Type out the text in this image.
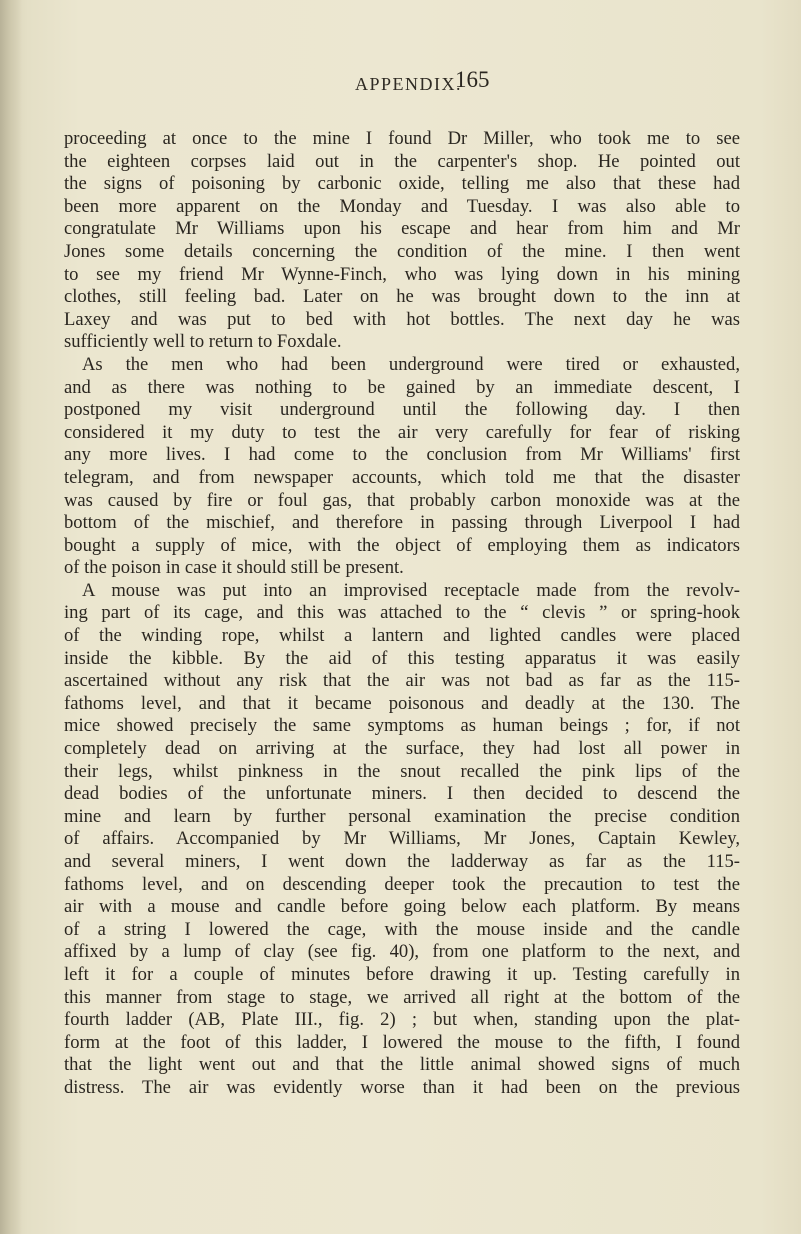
APPENDIX.
165
proceeding at once to the mine I found Dr Miller, who took me to see
the eighteen corpses laid out in the carpenter's shop. He pointed out
the signs of poisoning by carbonic oxide, telling me also that these had
been more apparent on the Monday and Tuesday. I was also able to
congratulate Mr Williams upon his escape and hear from him and Mr
Jones some details concerning the condition of the mine. I then went
to see my friend Mr Wynne-Finch, who was lying down in his mining
clothes, still feeling bad. Later on he was brought down to the inn at
Laxey and was put to bed with hot bottles. The next day he was
sufficiently well to return to Foxdale.
As the men who had been underground were tired or exhausted,
and as there was nothing to be gained by an immediate descent, I
postponed my visit underground until the following day. I then
considered it my duty to test the air very carefully for fear of risking
any more lives. I had come to the conclusion from Mr Williams' first
telegram, and from newspaper accounts, which told me that the disaster
was caused by fire or foul gas, that probably carbon monoxide was at the
bottom of the mischief, and therefore in passing through Liverpool I had
bought a supply of mice, with the object of employing them as indicators
of the poison in case it should still be present.
A mouse was put into an improvised receptacle made from the revolv-
ing part of its cage, and this was attached to the “ clevis ” or spring-hook
of the winding rope, whilst a lantern and lighted candles were placed
inside the kibble. By the aid of this testing apparatus it was easily
ascertained without any risk that the air was not bad as far as the 115-
fathoms level, and that it became poisonous and deadly at the 130. The
mice showed precisely the same symptoms as human beings ; for, if not
completely dead on arriving at the surface, they had lost all power in
their legs, whilst pinkness in the snout recalled the pink lips of the
dead bodies of the unfortunate miners. I then decided to descend the
mine and learn by further personal examination the precise condition
of affairs. Accompanied by Mr Williams, Mr Jones, Captain Kewley,
and several miners, I went down the ladderway as far as the 115-
fathoms level, and on descending deeper took the precaution to test the
air with a mouse and candle before going below each platform. By means
of a string I lowered the cage, with the mouse inside and the candle
affixed by a lump of clay (see fig. 40), from one platform to the next, and
left it for a couple of minutes before drawing it up. Testing carefully in
this manner from stage to stage, we arrived all right at the bottom of the
fourth ladder (AB, Plate III., fig. 2) ; but when, standing upon the plat-
form at the foot of this ladder, I lowered the mouse to the fifth, I found
that the light went out and that the little animal showed signs of much
distress. The air was evidently worse than it had been on the previous
